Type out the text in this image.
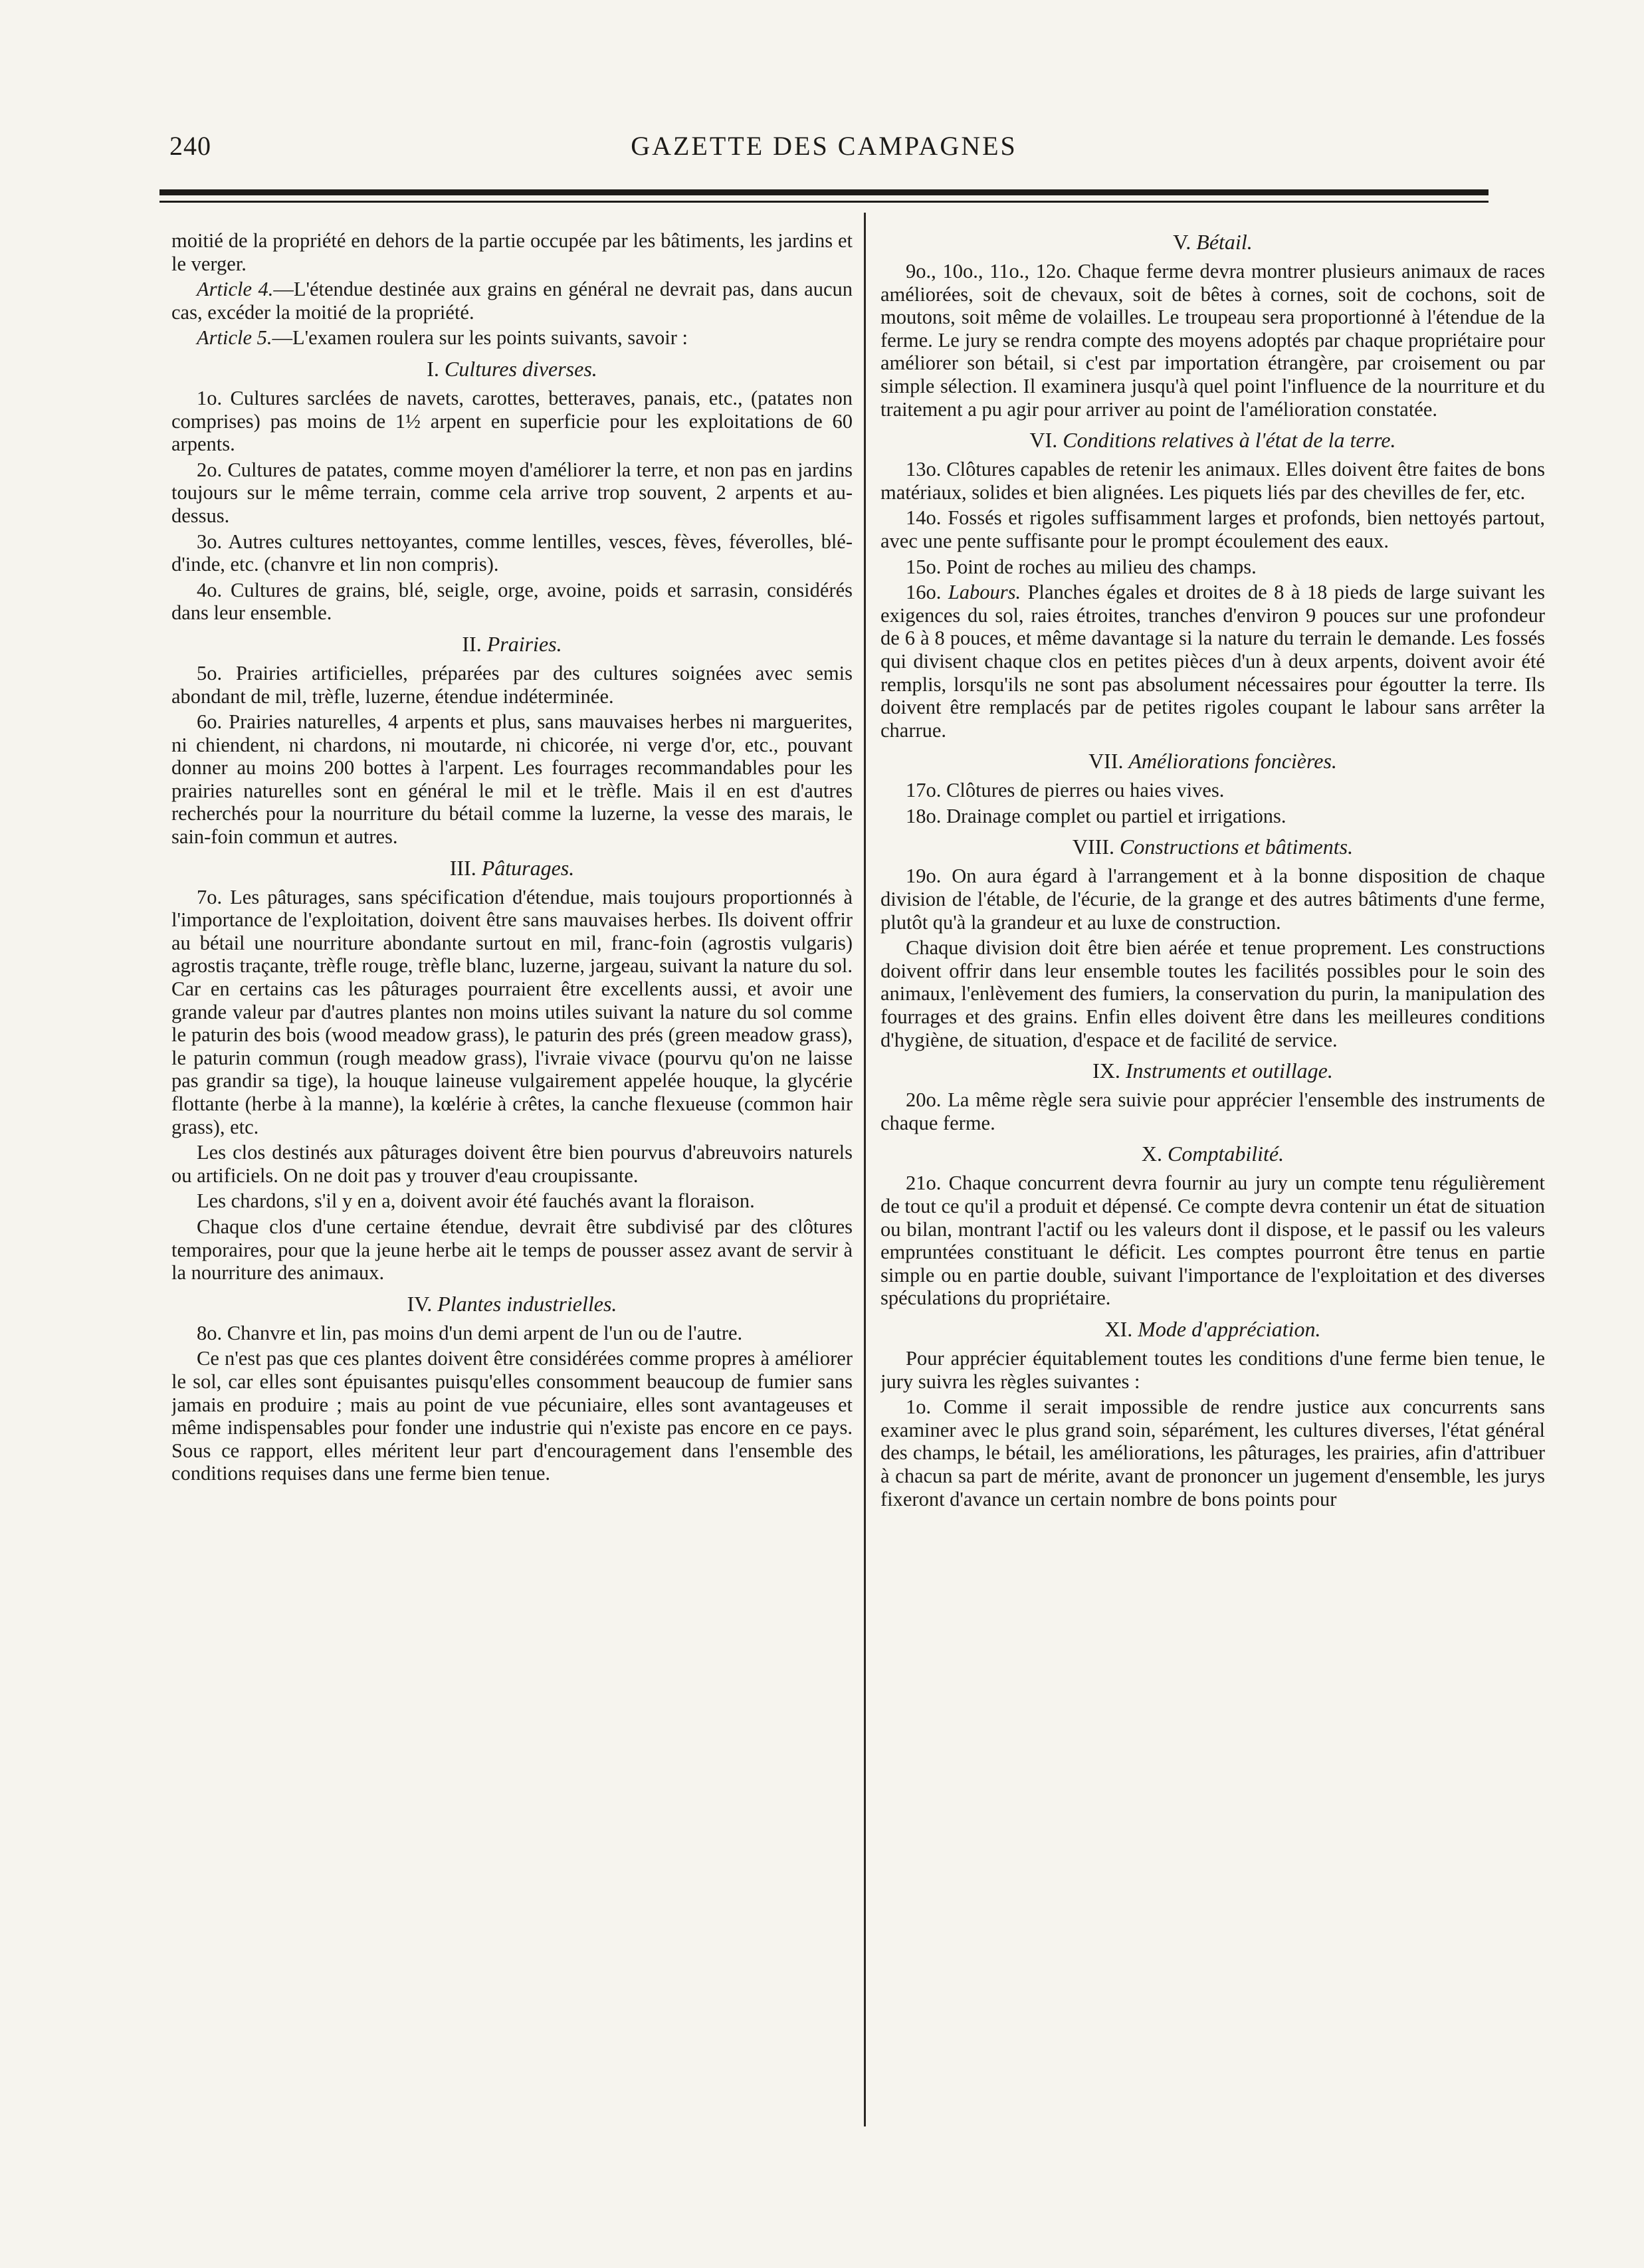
240	GAZETTE DES CAMPAGNES

moitié de la propriété en dehors de la partie occupée par les bâtiments, les jardins et le verger.

Article 4.—L'étendue destinée aux grains en général ne devrait pas, dans aucun cas, excéder la moitié de la propriété.

Article 5.—L'examen roulera sur les points suivants, savoir :

I. Cultures diverses.

1o. Cultures sarclées de navets, carottes, betteraves, panais, etc., (patates non comprises) pas moins de 1½ arpent en superficie pour les exploitations de 60 arpents.

2o. Cultures de patates, comme moyen d'améliorer la terre, et non pas en jardins toujours sur le même terrain, comme cela arrive trop souvent, 2 arpents et au-dessus.

3o. Autres cultures nettoyantes, comme lentilles, vesces, fèves, féverolles, blé-d'inde, etc. (chanvre et lin non compris).

4o. Cultures de grains, blé, seigle, orge, avoine, poids et sarrasin, considérés dans leur ensemble.

II. Prairies.

5o. Prairies artificielles, préparées par des cultures soignées avec semis abondant de mil, trèfle, luzerne, étendue indéterminée.

6o. Prairies naturelles, 4 arpents et plus, sans mauvaises herbes ni marguerites, ni chiendent, ni chardons, ni moutarde, ni chicorée, ni verge d'or, etc., pouvant donner au moins 200 bottes à l'arpent. Les fourrages recommandables pour les prairies naturelles sont en général le mil et le trèfle. Mais il en est d'autres recherchés pour la nourriture du bétail comme la luzerne, la vesse des marais, le sain-foin commun et autres.

III. Pâturages.

7o. Les pâturages, sans spécification d'étendue, mais toujours proportionnés à l'importance de l'exploitation, doivent être sans mauvaises herbes. Ils doivent offrir au bétail une nourriture abondante surtout en mil, franc-foin (agrostis vulgaris) agrostis traçante, trèfle rouge, trèfle blanc, luzerne, jargeau, suivant la nature du sol. Car en certains cas les pâturages pourraient être excellents aussi, et avoir une grande valeur par d'autres plantes non moins utiles suivant la nature du sol comme le paturin des bois (wood meadow grass), le paturin des prés (green meadow grass), le paturin commun (rough meadow grass), l'ivraie vivace (pourvu qu'on ne laisse pas grandir sa tige), la houque laineuse vulgairement appelée houque, la glycérie flottante (herbe à la manne), la kœlérie à crêtes, la canche flexueuse (common hair grass), etc.

Les clos destinés aux pâturages doivent être bien pourvus d'abreuvoirs naturels ou artificiels. On ne doit pas y trouver d'eau croupissante.

Les chardons, s'il y en a, doivent avoir été fauchés avant la floraison.

Chaque clos d'une certaine étendue, devrait être subdivisé par des clôtures temporaires, pour que la jeune herbe ait le temps de pousser assez avant de servir à la nourriture des animaux.

IV. Plantes industrielles.

8o. Chanvre et lin, pas moins d'un demi arpent de l'un ou de l'autre.

Ce n'est pas que ces plantes doivent être considérées comme propres à améliorer le sol, car elles sont épuisantes puisqu'elles consomment beaucoup de fumier sans jamais en produire ; mais au point de vue pécuniaire, elles sont avantageuses et même indispensables pour fonder une industrie qui n'existe pas encore en ce pays. Sous ce rapport, elles méritent leur part d'encouragement dans l'ensemble des conditions requises dans une ferme bien tenue.

V. Bétail.

9o., 10o., 11o., 12o. Chaque ferme devra montrer plusieurs animaux de races améliorées, soit de chevaux, soit de bêtes à cornes, soit de cochons, soit de moutons, soit même de volailles. Le troupeau sera proportionné à l'étendue de la ferme. Le jury se rendra compte des moyens adoptés par chaque propriétaire pour améliorer son bétail, si c'est par importation étrangère, par croisement ou par simple sélection. Il examinera jusqu'à quel point l'influence de la nourriture et du traitement a pu agir pour arriver au point de l'amélioration constatée.

VI. Conditions relatives à l'état de la terre.

13o. Clôtures capables de retenir les animaux. Elles doivent être faites de bons matériaux, solides et bien alignées. Les piquets liés par des chevilles de fer, etc.

14o. Fossés et rigoles suffisamment larges et profonds, bien nettoyés partout, avec une pente suffisante pour le prompt écoulement des eaux.

15o. Point de roches au milieu des champs.

16o. Labours. Planches égales et droites de 8 à 18 pieds de large suivant les exigences du sol, raies étroites, tranches d'environ 9 pouces sur une profondeur de 6 à 8 pouces, et même davantage si la nature du terrain le demande. Les fossés qui divisent chaque clos en petites pièces d'un à deux arpents, doivent avoir été remplis, lorsqu'ils ne sont pas absolument nécessaires pour égoutter la terre. Ils doivent être remplacés par de petites rigoles coupant le labour sans arrêter la charrue.

VII. Améliorations foncières.

17o. Clôtures de pierres ou haies vives.

18o. Drainage complet ou partiel et irrigations.

VIII. Constructions et bâtiments.

19o. On aura égard à l'arrangement et à la bonne disposition de chaque division de l'étable, de l'écurie, de la grange et des autres bâtiments d'une ferme, plutôt qu'à la grandeur et au luxe de construction.

Chaque division doit être bien aérée et tenue proprement. Les constructions doivent offrir dans leur ensemble toutes les facilités possibles pour le soin des animaux, l'enlèvement des fumiers, la conservation du purin, la manipulation des fourrages et des grains. Enfin elles doivent être dans les meilleures conditions d'hygiène, de situation, d'espace et de facilité de service.

IX. Instruments et outillage.

20o. La même règle sera suivie pour apprécier l'ensemble des instruments de chaque ferme.

X. Comptabilité.

21o. Chaque concurrent devra fournir au jury un compte tenu régulièrement de tout ce qu'il a produit et dépensé. Ce compte devra contenir un état de situation ou bilan, montrant l'actif ou les valeurs dont il dispose, et le passif ou les valeurs empruntées constituant le déficit. Les comptes pourront être tenus en partie simple ou en partie double, suivant l'importance de l'exploitation et des diverses spéculations du propriétaire.

XI. Mode d'appréciation.

Pour apprécier équitablement toutes les conditions d'une ferme bien tenue, le jury suivra les règles suivantes :

1o. Comme il serait impossible de rendre justice aux concurrents sans examiner avec le plus grand soin, séparément, les cultures diverses, l'état général des champs, le bétail, les améliorations, les pâturages, les prairies, afin d'attribuer à chacun sa part de mérite, avant de prononcer un jugement d'ensemble, les jurys fixeront d'avance un certain nombre de bons points pour
